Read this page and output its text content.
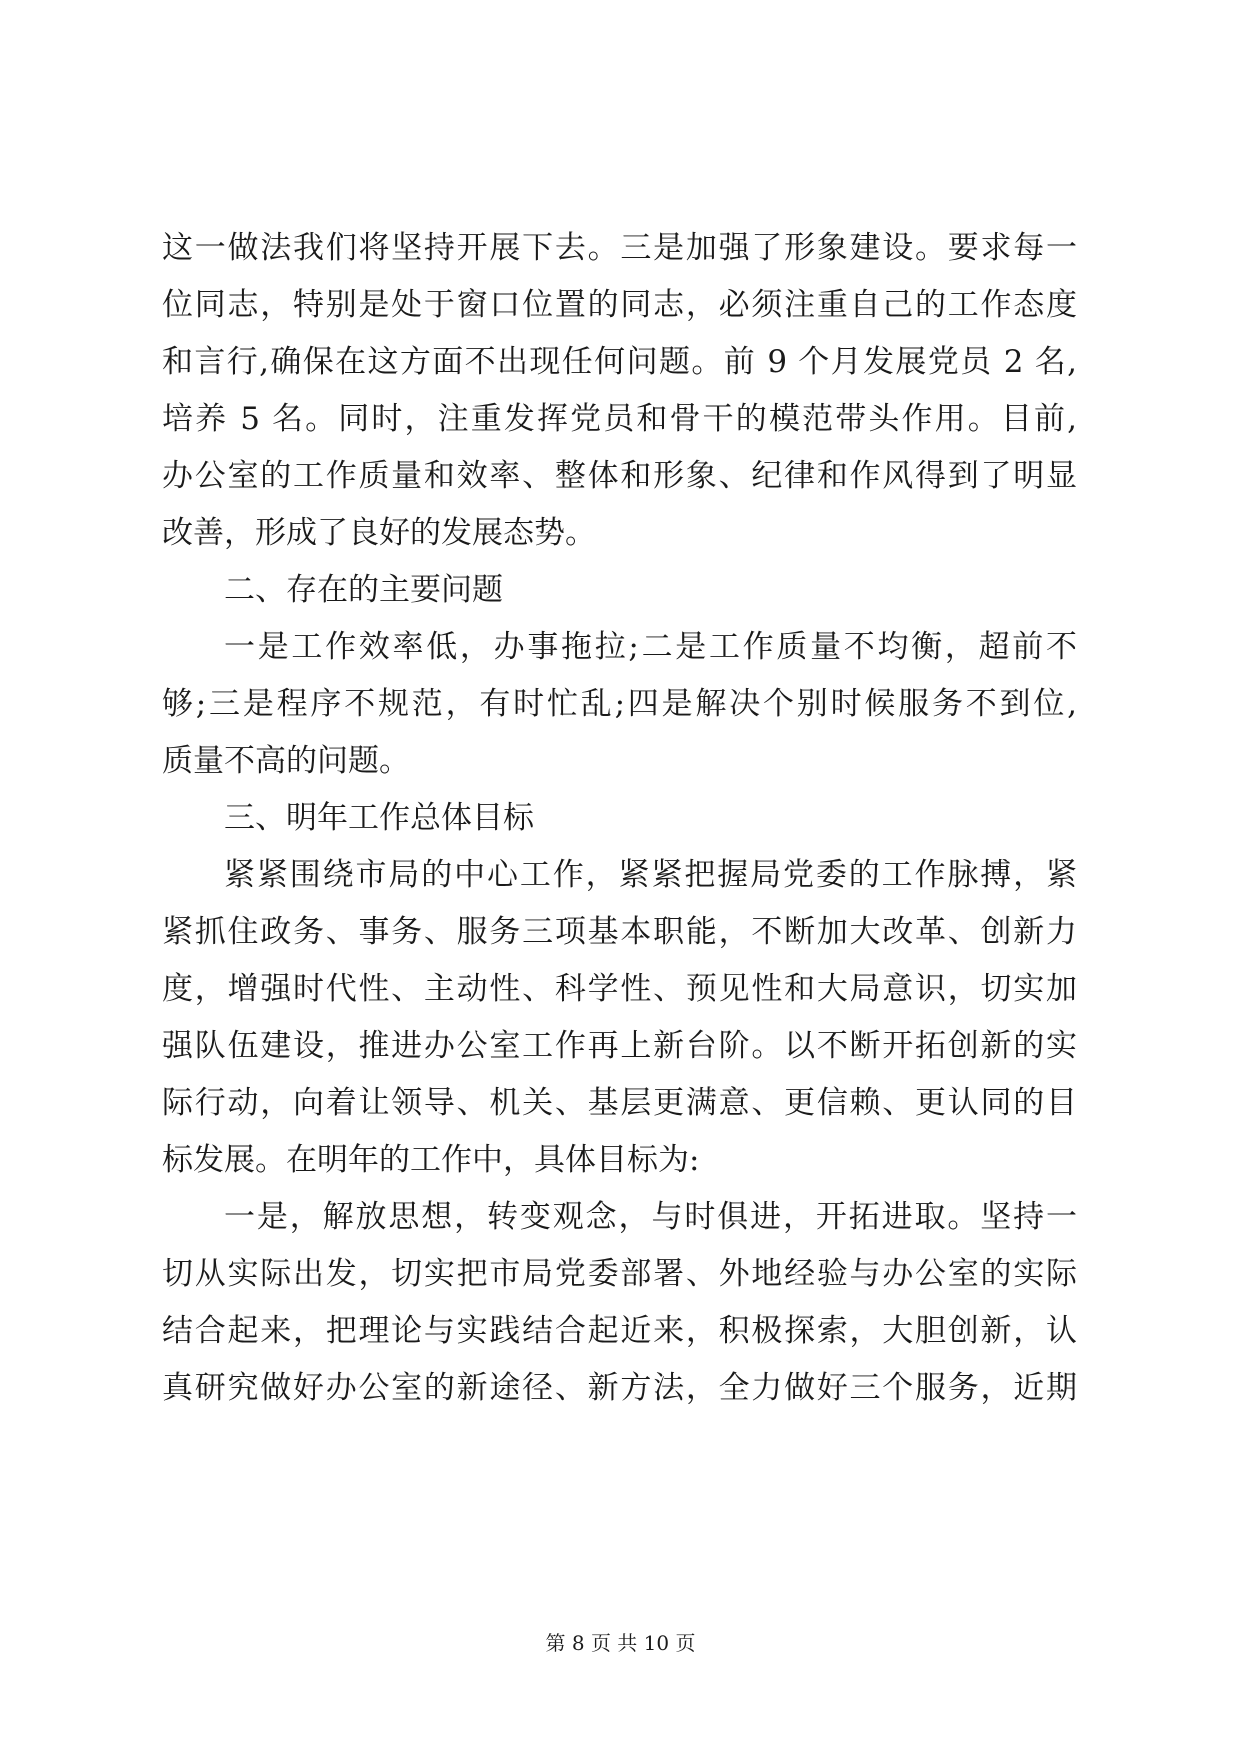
这一做法我们将坚持开展下去。三是加强了形象建设。要求每一
位同志，特别是处于窗口位置的同志，必须注重自己的工作态度
和言行,确保在这方面不出现任何问题。前 9 个月发展党员 2 名,
培养 5 名。同时，注重发挥党员和骨干的模范带头作用。目前,
办公室的工作质量和效率、整体和形象、纪律和作风得到了明显
改善，形成了良好的发展态势。
二、存在的主要问题
一是工作效率低，办事拖拉;二是工作质量不均衡，超前不
够;三是程序不规范，有时忙乱;四是解决个别时候服务不到位,
质量不高的问题。
三、明年工作总体目标
紧紧围绕市局的中心工作，紧紧把握局党委的工作脉搏，紧
紧抓住政务、事务、服务三项基本职能，不断加大改革、创新力
度，增强时代性、主动性、科学性、预见性和大局意识，切实加
强队伍建设，推进办公室工作再上新台阶。以不断开拓创新的实
际行动，向着让领导、机关、基层更满意、更信赖、更认同的目
标发展。在明年的工作中，具体目标为:
一是，解放思想，转变观念，与时俱进，开拓进取。坚持一
切从实际出发，切实把市局党委部署、外地经验与办公室的实际
结合起来，把理论与实践结合起近来，积极探索，大胆创新，认
真研究做好办公室的新途径、新方法，全力做好三个服务，近期
第 8 页 共 10 页
